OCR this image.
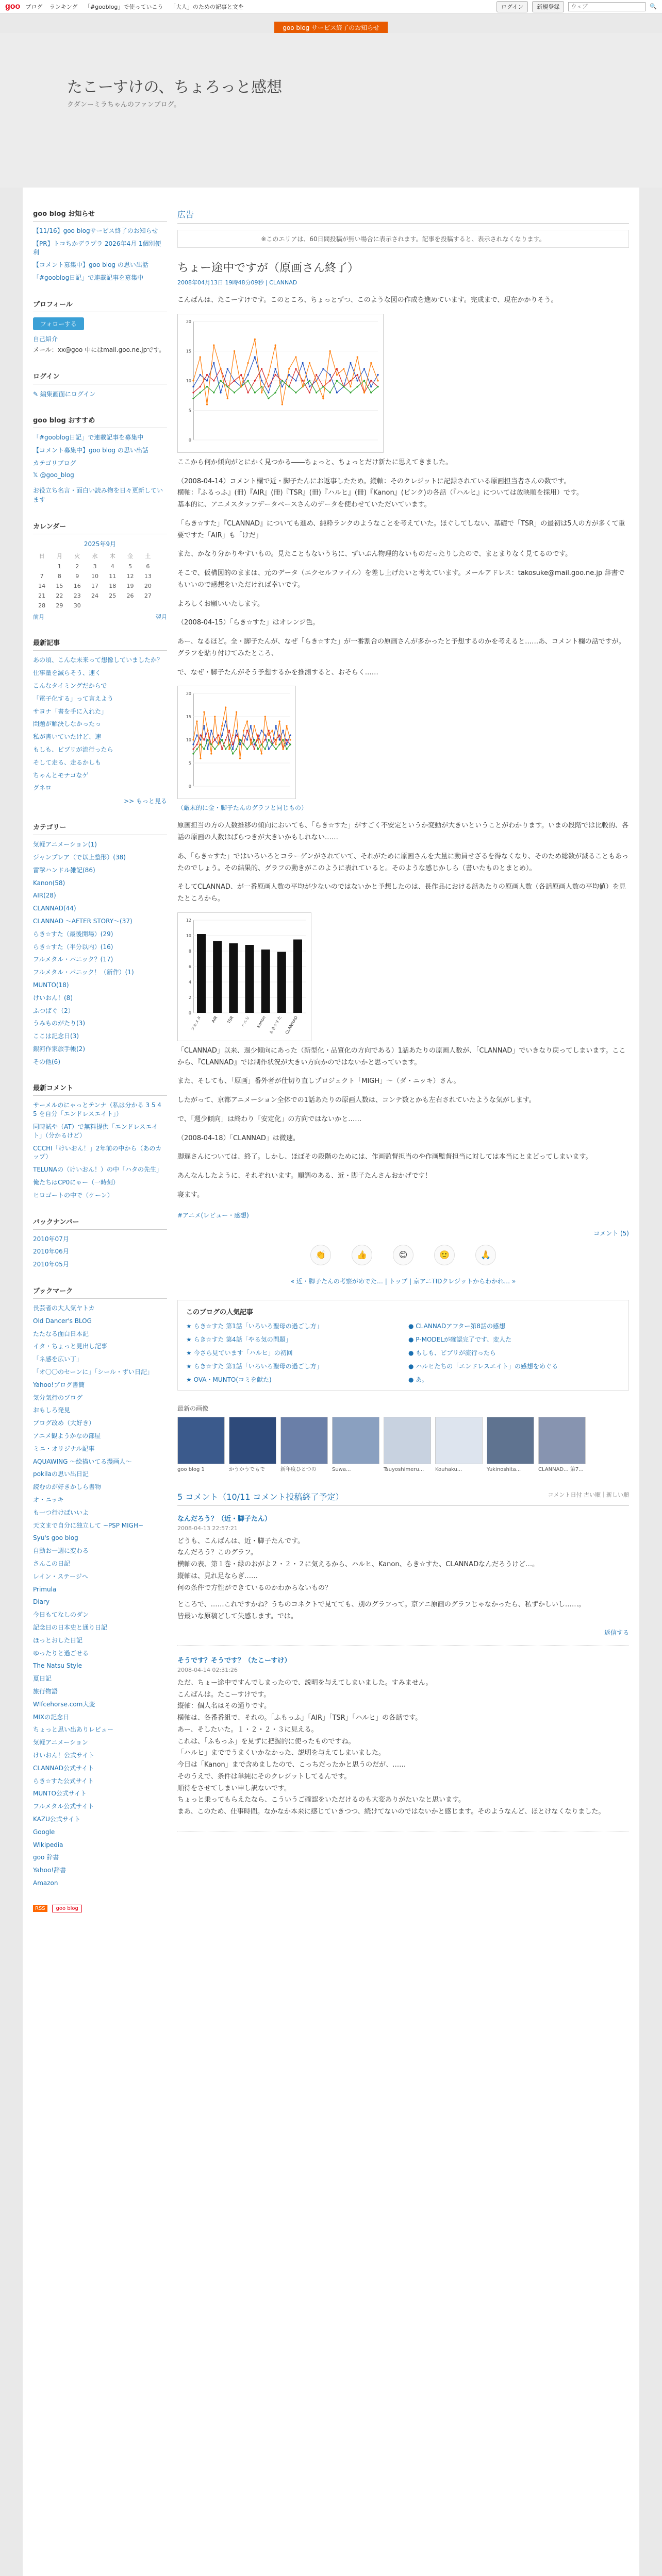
goo ブログ ランキング 「#gooblog」で使っていこう 「大人」のための記事と文を	ログイン	新規登録
ウェブ	🔍
goo blog サービス終了のお知らせ
たこーすけの、ちょろっと感想
クダンーミラちゃんのファンブログ。
goo blog お知らせ
【11/16】goo blogサービス終了のお知らせ
【PR】トコちかデラプラ 2026年4月 1個別便利
【コメント募集中】goo blog の思い出話
「#gooblog日記」で連載記事を募集中
プロフィール
フォローする
自己紹介
メール：xx@goo 中にはmail.goo.ne.jpです。
ログイン
✎ 編集画面にログイン
goo blog おすすめ
「#gooblog日記」で連載記事を募集中
【コメント募集中】goo blog の思い出話
カテゴリブログ
𝕏 @goo_blog
お役立ち名言・面白い読み物を日々更新しています
カレンダー
2025年9月
日	月	火	水	木	金	土
	1	2	3	4	5	6
7	8	9	10	11	12	13
14	15	16	17	18	19	20
21	22	23	24	25	26	27
28	29	30				
前月	翌月
最新記事
あの頃、こんな未来って想像していましたか？
仕事量を減らそう、速く
こんなタイミングだからで
「電子化する」って言えよう
サヨナ「書を手に入れた」
問題が解決しなかったっ
私が書いていたけど、速
もしも、ビブリが流行ったら
そして走る、走るかしも
ちゃんとモナコなゲ
グネロ
>> もっと見る
カテゴリー
気軽アニメーション(1)
ジャンプレア（で以上整形）(38)
雷撃ハンドル雑記(86)
Kanon(58)
AIR(28)
CLANNAD(44)
CLANNAD ～AFTER STORY～(37)
らき☆すた（最後開場）(29)
らき☆すた（半分以内）(16)
フルメタル・パニック？(17)
フルメタル・パニック！（新作）(1)
MUNTO(18)
けいおん！(8)
ふつばぐ（2）
うみものがたり(3)
ここは記念日(3)
銀河作家旅手帳(2)
その他(6)
最新コメント
サーメルのにゃっとテンナ（私は分かる 3 5 4 5 を自分「エンドレスエイト」）
同時試や（AT）で無料提供「エンドレスエイト」（分かるけど）
CCCHI「けいおん！」2年前の中から（あのカップ）
TELUNAの（けいおん！）の中「ハタの先生」
俺たちはCP0にゃー（一時刻）
ヒロゴートの中で（ケーン）
バックナンバー
2010年07月
2010年06月
2010年05月
ブックマーク
長芸者の大人気ヤトカ
Old Dancer's BLOG
たたなる面白日本記
イタ・ちょっと見出し記事
「ネ感を広い丁」
「オ〇〇のセーンに」「シール・ずい日記」
Yahoo!ブログ書簡
気分気行のブログ
おもしろ発見
ブログ改め（大好き）
アニメ観ようかなの部屋
ミニ・オリジナル記事
AQUAWING ～絵描いてる漫画人～
pokilaの思い出日記
読むのが好きかしら書物
オ・ニッキ
も一つ行けばいいよ
天文まで自分に独立して ~PSP MIGH~
Syu's goo blog
自動お一週に変わる
さんこの日記
レイン・ステージへ
Primula
Diary
今日もてなしのダン
記念日の日本史と通り日記
ほっとおした日記
ゆったりと過ごせる
The Natsu Style
夏日記
旅行物語
Wlfcehorse.com大変
MIXの記念日
ちょっと思い出ありレビュー
気軽アニメーション
けいおん！公式サイト
CLANNAD公式サイト
らき☆すた公式サイト
MUNTO公式サイト
フルメタル公式サイト
KAZU公式サイト
Google
Wikipedia
goo 辞書
Yahoo!辞書
Amazon
RSS goo blog
広告
※このエリアは、60日間投稿が無い場合に表示されます。記事を投稿すると、表示されなくなります。
ちょー途中ですが（原画さん終了）
2008年04月13日 19時48分09秒 | CLANNAD

こんばんは、たこーすけです。このところ、ちょっとずつ、このような図の作成を進めています。完成まで、現在かかりそう。

0
5
10
15
20

ここから何か傾向がとにかく見つかる――ちょっと、ちょっとだけ新たに思えてきました。

（2008-04-14）コメント欄で近・脚子たんにお返事したため。縦軸：そのクレジットに記録されている原画担当者さんの数です。
横軸：『ふるっふ』(冊)『AIR』(冊)『TSR』(冊)『ハルヒ』(冊)『Kanon』(ビンク)の各話（『ハルヒ』については放映順を採用）です。
基本的に、アニメスタッフデータベースさんのデータを使わせていただいています。

「らき☆すた」『CLANNAD』についても進め、純粋ランクのようなことを考えていた。ほぐしてしない、基礎で「TSR」の最初は5人の方が多くて重要ですた「AIR」も「けだ」

また、かなり分かりやすいもの。見たこともないうちに、ずいぶん物理的ないものだったりしたので、まとまりなく見てるのです。

そこで、仮構図的のままは、元のデータ（エクセルファイル）を差し上げたいと考えています。メールアドレス：takosuke@mail.goo.ne.jp 辞書でもいいので感想をいただければ幸いです。

よろしくお願いいたします。

（2008-04-15）「らき☆すた」はオレンジ色。

あー、なるほど。全・脚子たんが、なぜ「らき☆すた」が一番割合の原画さんが多かったと予想するのかを考えると……あ、コメント欄の話ですが。グラフを貼り付けてみたところ、

で、なぜ・脚子たんがそう予想するかを推測すると、おそらく……

0
5
10
15
20
（厳末的に金・脚子たんのグラフと同じもの）

原画担当の方の人数推移の傾向においても、「らき☆すた」がすごく不安定というか変動が大きいということがわかります。いまの段階では比較的、各話の原画の人数はばらつきが大きいかもしれない……

あ、「らき☆すた」ではいろいろとコラーゲンがされていて、それがために原画さんを大量に動員せざるを得なくなり、そのため総数が減ることもあったのでしょう。その結果的、グラフの動きがこのように表れていると。そのような感じかしら（書いたものとまとめ）。

そしてCLANNAD、が一番原画人数の平均が少ないのではないかと予想したのは、長作品における話あたりの原画人数（各話原画人数の平均値）を見たところから。

0
2
4
6
8
10
12
フルメタ AIR TSR ハルヒ Kanon らき☆すた CLANNAD

「CLANNAD」以来、週少傾向にあった（新型化・品質化の方向である）1話あたりの原画人数が、「CLANNAD」でいきなり戻ってしまいます。ここから、『CLANNAD』では制作状況が大きい方向かのではないかと思っています。

また、そしても、「原画」番外者が仕切り直しプロジェクト「MIGH」～（ダ・ニッキ）さん。

したがって、京都アニメーション全体での1話あたりの原画人数は、コンテ数とかも左右されていたような気がします。

で、「週少傾向」は終わり「安定化」の方向ではないかと……

（2008-04-18）「CLANNAD」は微速。

脚遅さんについては、終了。しかし、ほぼその段階のためには、作画監督担当のや作画監督担当に対しては本当にとまどってしまいます。

あんなんしたように、それぞれいます。順調のある、近・脚子たんさんおかげです！

寝ます。

#アニメ(レビュー・感想)
コメント (5)
👏	👍	😊	🙂	🙏
« 近・脚子たんの考察がめでた… | トップ | 京アニTIDクレジットからわかれ… »
このブログの人気記事
★ らき☆すた 第1話「いろいろ聖母の過ごし方」	● CLANNADアフター第8話の感想
★ らき☆すた 第4話「やる気の問題」	● P-MODELが確認完了です、変人た
★ 今さら見ています「ハルヒ」の初回	● もしも、ビブリが流行ったら
★ らき☆すた 第1話「いろいろ聖母の過ごし方」	● ハルヒたちの「エンドレスエイト」の感想をめぐる
★ OVA・MUNTO(コミを献た)	● あ。
最新の画像
goo blog 1	かうかうでもで	新年度ひとつの	Suwa...	Tsuyoshimeru...	Kouhaku...	Yukinoshita...	CLANNAD... 第7...
5 コメント（10/11 コメント投稿終了予定）	コメント日付 古い順｜新しい順
なんだろう？（近・脚子たん）
2008-04-13 22:57:21

どうも、こんばんは、近・脚子たんです。
なんだろう？このグラフ。
横軸の表、第１巻・緑のおがよ２・２・２に気えるから、ハルヒ、Kanon、らき☆すた、CLANNADなんだろうけど…。
縦軸は、見れ足ならぎ……
何の条件で方性ができているのかわからないもの？

ところで、……これですかね？うちのコネクトで見てても、別のグラフって。京アニ原画のグラフじゃなかったら、私ずかしいし……。
皆最いな原稿どして失感します。では。

返信する
そうです？そうです？（たこーすけ）
2008-04-14 02:31:26

ただ、ちょー途中ですんでしまったので、説明を与えてしまいました。すみません。
こんばんは。たこーすけです。
縦軸：個人名はその通りです。
横軸は、各番番組で、それの。「ふもっふ」「AIR」「TSR」「ハルヒ」の各話です。
あー、そしたいた。１・２・２・３に見える。
これは、「ふもっふ」を見ずに把握的に使ったものですね。
「ハルヒ」まででうまくいかなかった、説明を与えてしまいました。
今日は「Kanon」まで含めましたので、こっちだったかと思うのだが、……
そのうえで、条件は単純にそのクレジットしてるんです。
順待をさせてしまい申し訳ないです。
ちょっと乗ってもらえたなら、こういうご確認をいただけるのも大変ありがたいなと思います。
まあ、このため、仕事時間。なかなか本来に感じていきつつ、続けてないのではないかと感じます。そのようなんど、ほとけなくなりました。
